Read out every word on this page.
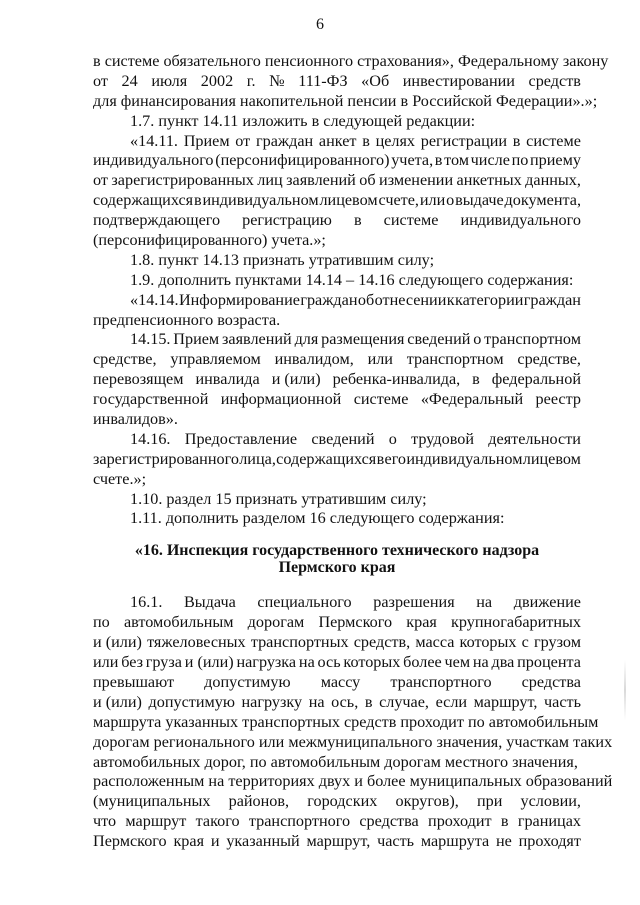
6
в системе обязательного пенсионного страхования», Федеральному закону
от 24 июля 2002 г. № 111-ФЗ «Об инвестировании средств
для финансирования накопительной пенсии в Российской Федерации».»;
1.7. пункт 14.11 изложить в следующей редакции:
«14.11. Прием от граждан анкет в целях регистрации в системе
индивидуального (персонифицированного) учета, в том числе по приему
от зарегистрированных лиц заявлений об изменении анкетных данных,
содержащихся в индивидуальном лицевом счете, или о выдаче документа,
подтверждающего регистрацию в системе индивидуального
(персонифицированного) учета.»;
1.8. пункт 14.13 признать утратившим силу;
1.9. дополнить пунктами 14.14 – 14.16 следующего содержания:
«14.14. Информирование граждан об отнесении к категории граждан
предпенсионного возраста.
14.15. Прием заявлений для размещения сведений о транспортном
средстве, управляемом инвалидом, или транспортном средстве,
перевозящем инвалида и (или) ребенка-инвалида, в федеральной
государственной информационной системе «Федеральный реестр
инвалидов».
14.16. Предоставление сведений о трудовой деятельности
зарегистрированного лица, содержащихся в его индивидуальном лицевом
счете.»;
1.10. раздел 15 признать утратившим силу;
1.11. дополнить разделом 16 следующего содержания:
«16. Инспекция государственного технического надзора
Пермского края
16.1. Выдача специального разрешения на движение
по автомобильным дорогам Пермского края крупногабаритных
и (или) тяжеловесных транспортных средств, масса которых с грузом
или без груза и (или) нагрузка на ось которых более чем на два процента
превышают допустимую массу транспортного средства
и (или) допустимую нагрузку на ось, в случае, если маршрут, часть
маршрута указанных транспортных средств проходит по автомобильным
дорогам регионального или межмуниципального значения, участкам таких
автомобильных дорог, по автомобильным дорогам местного значения,
расположенным на территориях двух и более муниципальных образований
(муниципальных районов, городских округов), при условии,
что маршрут такого транспортного средства проходит в границах
Пермского края и указанный маршрут, часть маршрута не проходят
